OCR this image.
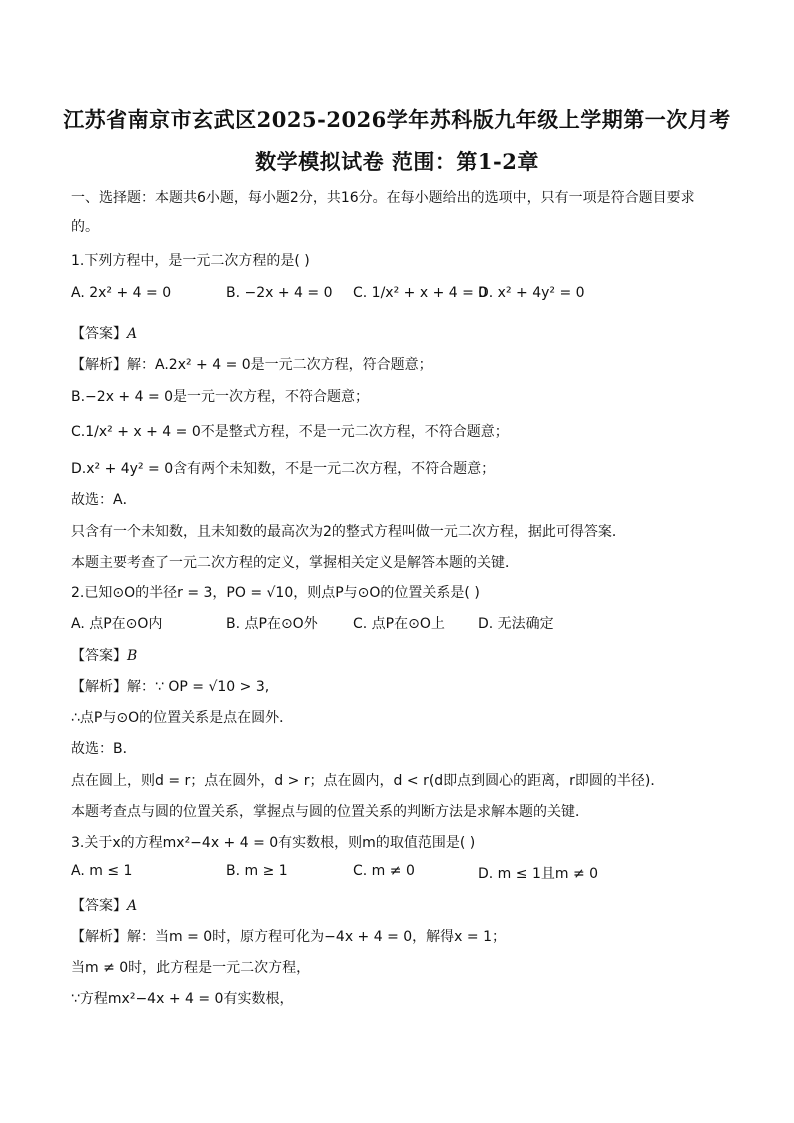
江苏省南京市玄武区2025-2026学年苏科版九年级上学期第一次月考
数学模拟试卷 范围：第1-2章
一、选择题：本题共6小题，每小题2分，共16分。在每小题给出的选项中，只有一项是符合题目要求
的。
1.下列方程中，是一元二次方程的是( )
A. 2x² + 4 = 0	B. −2x + 4 = 0 C. 1/x² + x + 4 = 0
D. x² + 4y² = 0
【答案】A
【解析】解：A.2x² + 4 = 0是一元二次方程，符合题意；
B.−2x + 4 = 0是一元一次方程，不符合题意；
C.1/x² + x + 4 = 0不是整式方程，不是一元二次方程，不符合题意；
D.x² + 4y² = 0含有两个未知数，不是一元二次方程，不符合题意；
故选：A．
只含有一个未知数，且未知数的最高次为2的整式方程叫做一元二次方程，据此可得答案．
本题主要考查了一元二次方程的定义，掌握相关定义是解答本题的关键．
2.已知⊙O的半径r = 3，PO = √10，则点P与⊙O的位置关系是( )
A. 点P在⊙O内	B. 点P在⊙O外	C. 点P在⊙O上 D. 无法确定
【答案】B
【解析】解：∵ OP = √10 > 3,
∴点P与⊙O的位置关系是点在圆外．
故选：B．
点在圆上，则d = r；点在圆外，d > r；点在圆内，d < r(d即点到圆心的距离，r即圆的半径)．
本题考查点与圆的位置关系，掌握点与圆的位置关系的判断方法是求解本题的关键．
3.关于x的方程mx²−4x + 4 = 0有实数根，则m的取值范围是( )
A. m ≤ 1	B. m ≥ 1	C. m ≠ 0	D. m ≤ 1且m ≠ 0
【答案】A
【解析】解：当m = 0时，原方程可化为−4x + 4 = 0，解得x = 1；
当m ≠ 0时，此方程是一元二次方程，
∵方程mx²−4x + 4 = 0有实数根，
